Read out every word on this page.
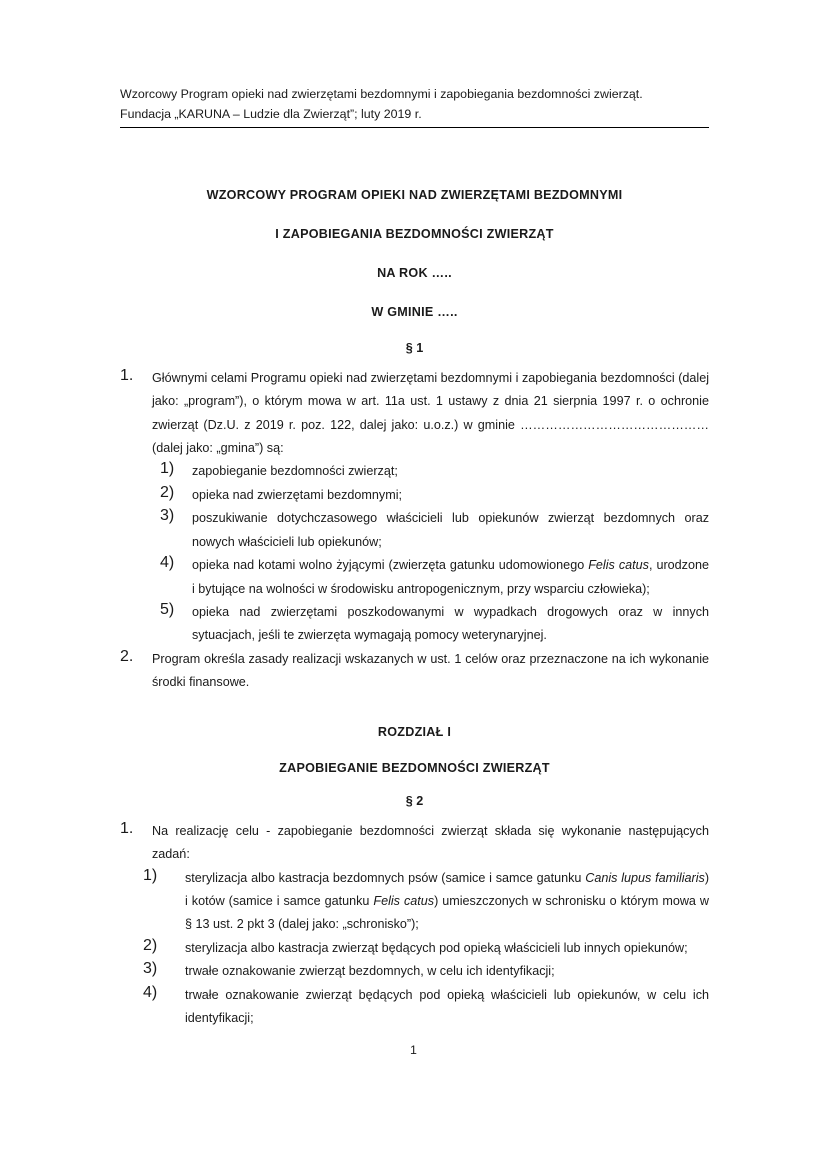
Wzorcowy Program opieki nad zwierzętami bezdomnymi i zapobiegania bezdomności zwierząt.
Fundacja „KARUNA – Ludzie dla Zwierząt”; luty 2019 r.
WZORCOWY PROGRAM OPIEKI NAD ZWIERZĘTAMI BEZDOMNYMI
I ZAPOBIEGANIA BEZDOMNOŚCI ZWIERZĄT
NA ROK …..
W GMINIE …..
§ 1
1.	Głównymi celami Programu opieki nad zwierzętami bezdomnymi i zapobiegania bezdomności (dalej jako: „program”), o którym mowa w art. 11a ust. 1 ustawy z dnia 21 sierpnia 1997 r. o ochronie zwierząt (Dz.U. z 2019 r. poz. 122, dalej jako: u.o.z.) w gminie ……………………………………… (dalej jako: „gmina”) są:
1)	zapobieganie bezdomności zwierząt;
2)	opieka nad zwierzętami bezdomnymi;
3)	poszukiwanie dotychczasowego właścicieli lub opiekunów zwierząt bezdomnych oraz nowych właścicieli lub opiekunów;
4)	opieka nad kotami wolno żyjącymi (zwierzęta gatunku udomowionego Felis catus, urodzone i bytujące na wolności w środowisku antropogenicznym, przy wsparciu człowieka);
5)	opieka nad zwierzętami poszkodowanymi w wypadkach drogowych oraz w innych sytuacjach, jeśli te zwierzęta wymagają pomocy weterynaryjnej.
2.	Program określa zasady realizacji wskazanych w ust. 1 celów oraz przeznaczone na ich wykonanie środki finansowe.
ROZDZIAŁ I
ZAPOBIEGANIE BEZDOMNOŚCI ZWIERZĄT
§ 2
1.	Na realizację celu - zapobieganie bezdomności zwierząt składa się wykonanie następujących zadań:
1)	sterylizacja albo kastracja bezdomnych psów (samice i samce gatunku Canis lupus familiaris) i kotów (samice i samce gatunku Felis catus) umieszczonych w schronisku o którym mowa w § 13 ust. 2 pkt 3 (dalej jako: „schronisko”);
2)	sterylizacja albo kastracja zwierząt będących pod opieką właścicieli lub innych opiekunów;
3)	trwałe oznakowanie zwierząt bezdomnych, w celu ich identyfikacji;
4)	trwałe oznakowanie zwierząt będących pod opieką właścicieli lub opiekunów, w celu ich identyfikacji;
1
